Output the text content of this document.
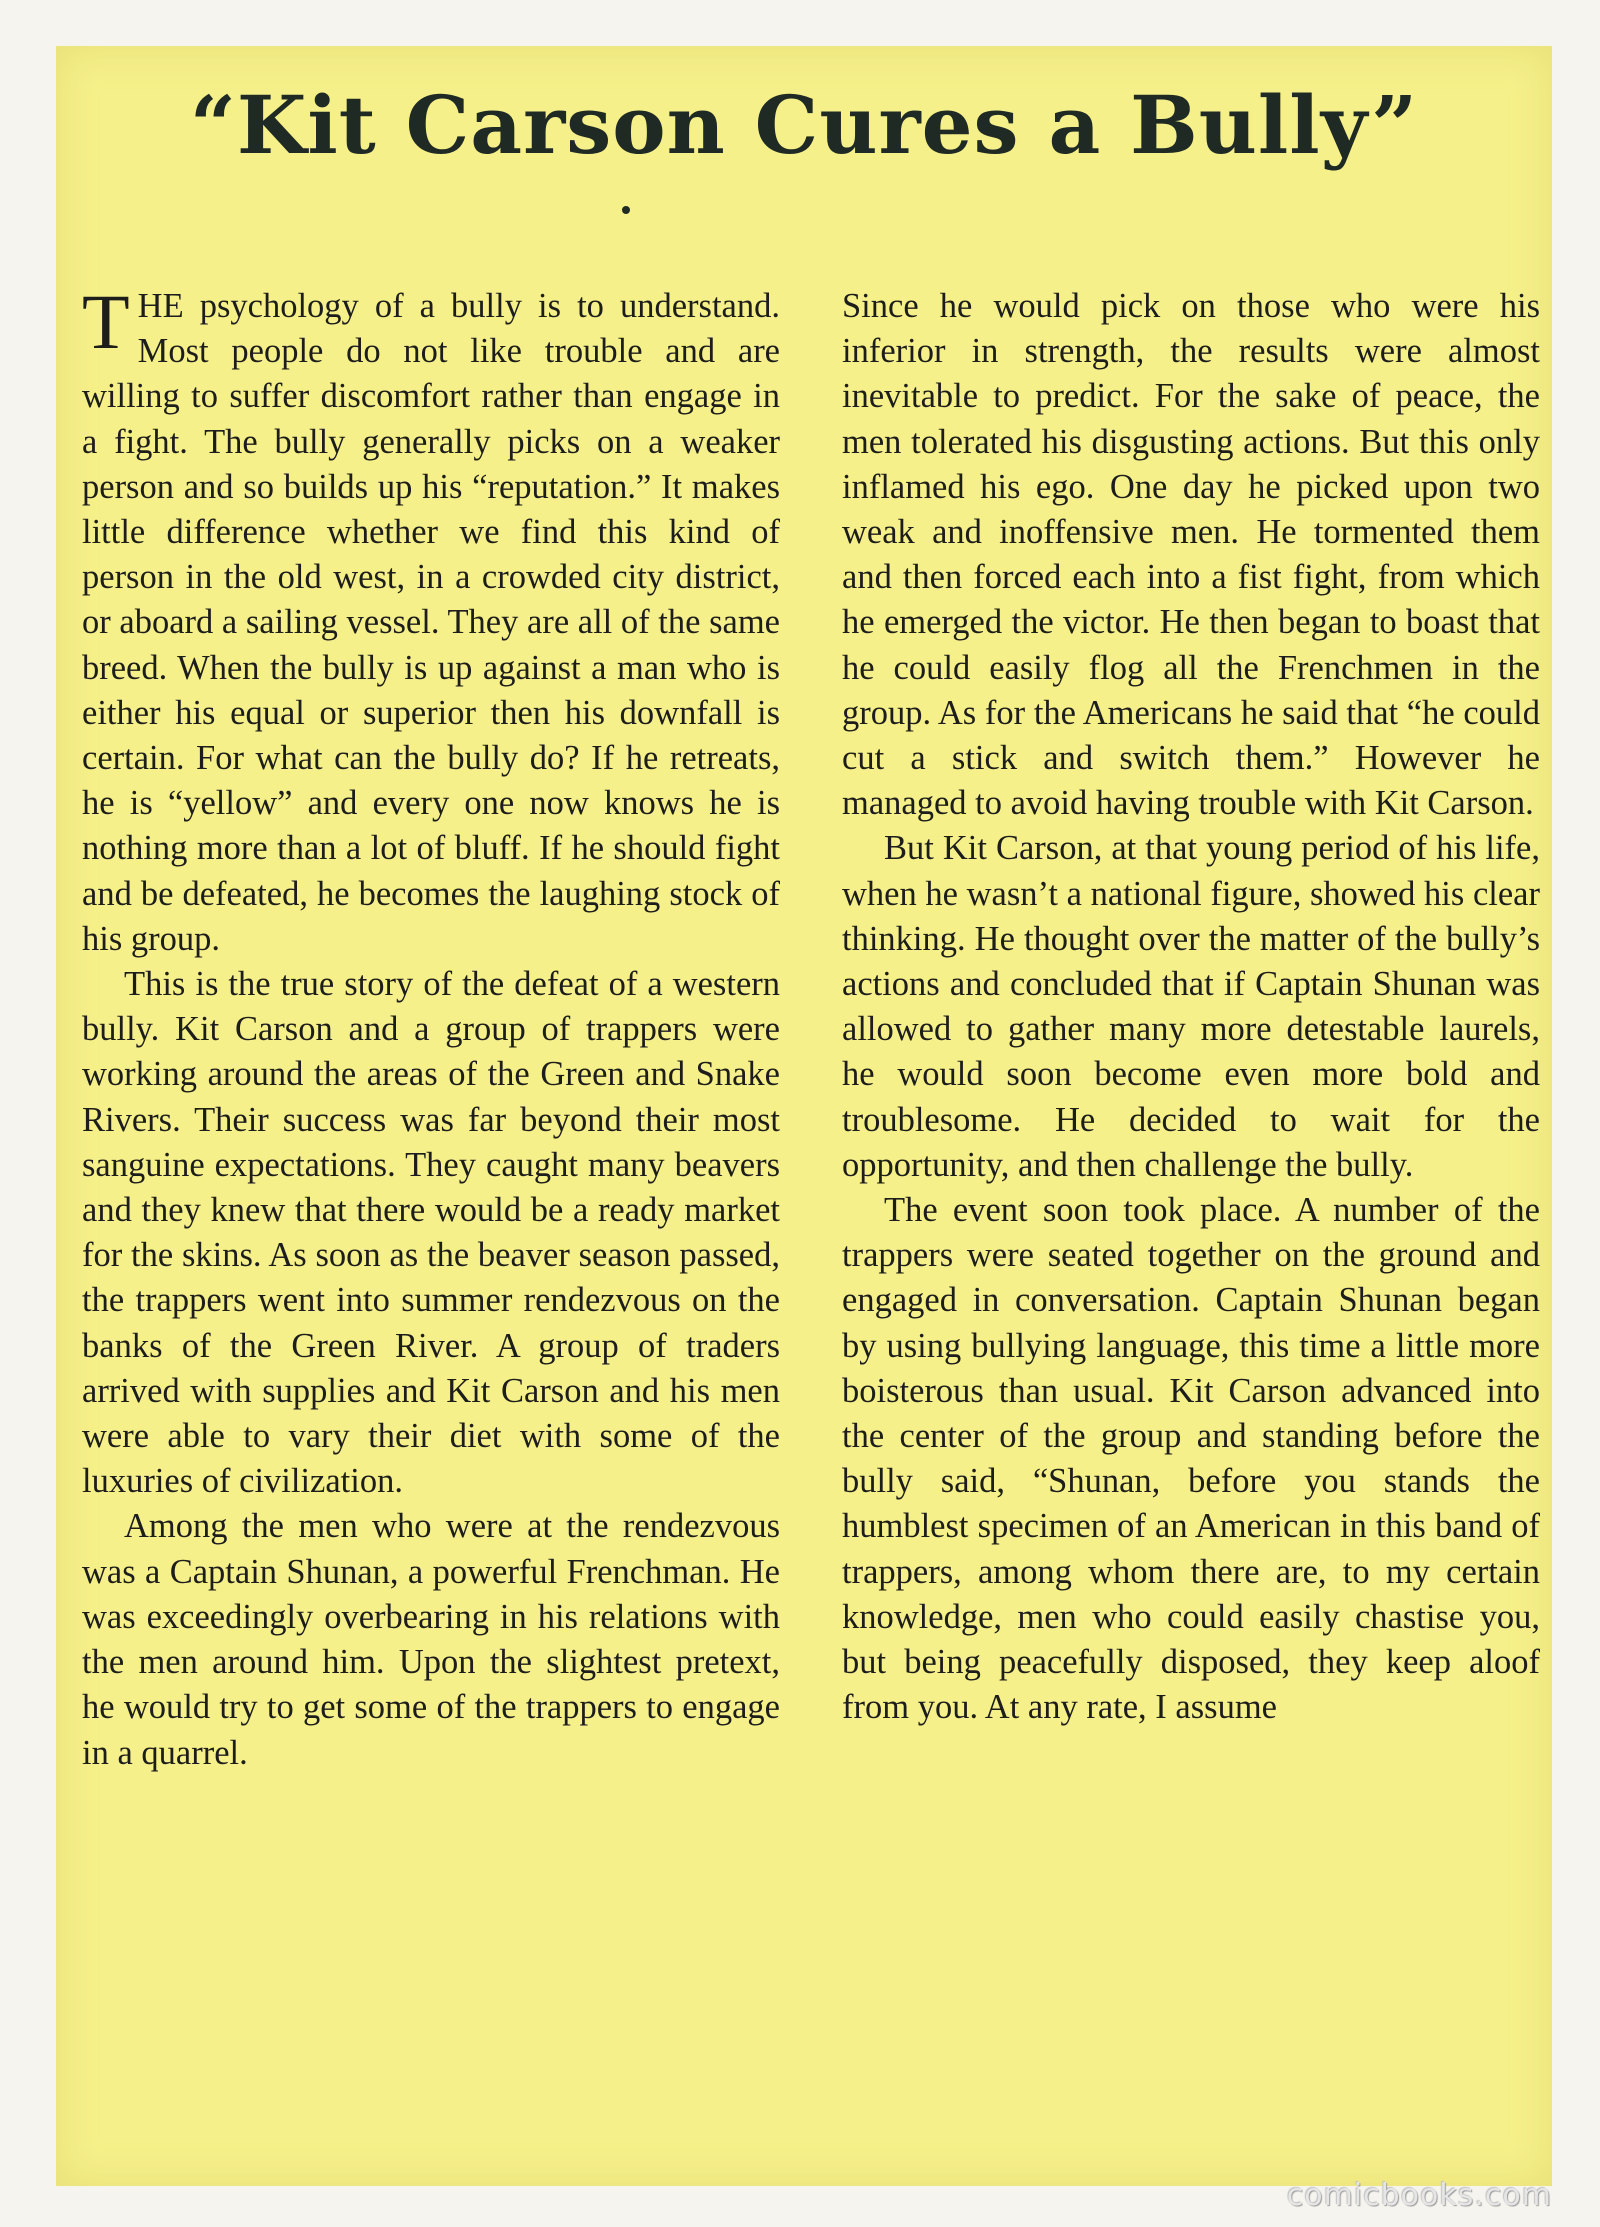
“Kit Carson Cures a Bully”

THE psychology of a bully is to understand. Most people do not like trouble and are willing to suffer discomfort rather than engage in a fight. The bully generally picks on a weaker person and so builds up his “reputation.” It makes little difference whether we find this kind of person in the old west, in a crowded city district, or aboard a sailing vessel. They are all of the same breed. When the bully is up against a man who is either his equal or superior then his downfall is certain. For what can the bully do? If he retreats, he is “yellow” and every one now knows he is nothing more than a lot of bluff. If he should fight and be defeated, he becomes the laughing stock of his group.

This is the true story of the defeat of a western bully. Kit Carson and a group of trappers were working around the areas of the Green and Snake Rivers. Their success was far beyond their most sanguine expectations. They caught many beavers and they knew that there would be a ready market for the skins. As soon as the beaver season passed, the trappers went into summer rendezvous on the banks of the Green River. A group of traders arrived with supplies and Kit Carson and his men were able to vary their diet with some of the luxuries of civilization.

Among the men who were at the rendezvous was a Captain Shunan, a powerful Frenchman. He was exceedingly overbearing in his relations with the men around him. Upon the slightest pretext, he would try to get some of the trappers to engage in a quarrel.

Since he would pick on those who were his inferior in strength, the results were almost inevitable to predict. For the sake of peace, the men tolerated his disgusting actions. But this only inflamed his ego. One day he picked upon two weak and inoffensive men. He tormented them and then forced each into a fist fight, from which he emerged the victor. He then began to boast that he could easily flog all the Frenchmen in the group. As for the Americans he said that “he could cut a stick and switch them.” However he managed to avoid having trouble with Kit Carson.

But Kit Carson, at that young period of his life, when he wasn’t a national figure, showed his clear thinking. He thought over the matter of the bully’s actions and concluded that if Captain Shunan was allowed to gather many more detestable laurels, he would soon become even more bold and troublesome. He decided to wait for the opportunity, and then challenge the bully.

The event soon took place. A number of the trappers were seated together on the ground and engaged in conversation. Captain Shunan began by using bullying language, this time a little more boisterous than usual. Kit Carson advanced into the center of the group and standing before the bully said, “Shunan, before you stands the humblest specimen of an American in this band of trappers, among whom there are, to my certain knowledge, men who could easily chastise you, but being peacefully disposed, they keep aloof from you. At any rate, I assume

comicbooks.com
